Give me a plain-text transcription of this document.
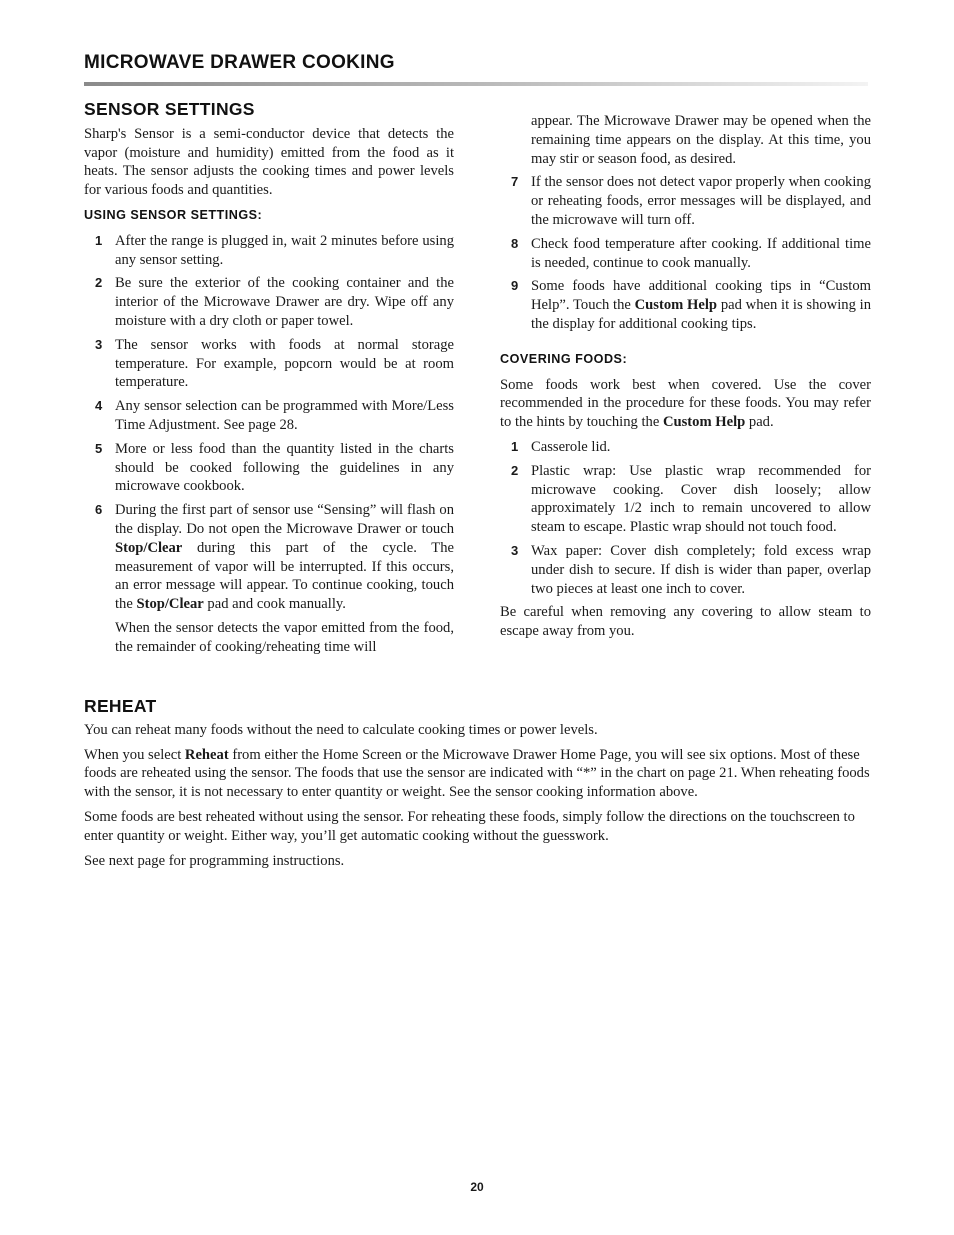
MICROWAVE DRAWER COOKING
SENSOR SETTINGS

Sharp's Sensor is a semi-conductor device that detects the vapor (moisture and humidity) emitted from the food as it heats. The sensor adjusts the cooking times and power levels for various foods and quantities.

USING SENSOR SETTINGS:
1 After the range is plugged in, wait 2 minutes before using any sensor setting.
2 Be sure the exterior of the cooking container and the interior of the Microwave Drawer are dry. Wipe off any moisture with a dry cloth or paper towel.
3 The sensor works with foods at normal storage temperature. For example, popcorn would be at room temperature.
4 Any sensor selection can be programmed with More/Less Time Adjustment. See page 28.
5 More or less food than the quantity listed in the charts should be cooked following the guidelines in any microwave cookbook.
6 During the first part of sensor use “Sensing” will flash on the display. Do not open the Microwave Drawer or touch Stop/Clear during this part of the cycle. The measurement of vapor will be interrupted. If this occurs, an error message will appear. To continue cooking, touch the Stop/Clear pad and cook manually.

When the sensor detects the vapor emitted from the food, the remainder of cooking/reheating time will

appear. The Microwave Drawer may be opened when the remaining time appears on the display. At this time, you may stir or season food, as desired.

7 If the sensor does not detect vapor properly when cooking or reheating foods, error messages will be displayed, and the microwave will turn off.
8 Check food temperature after cooking. If additional time is needed, continue to cook manually.
9 Some foods have additional cooking tips in “Custom Help”. Touch the Custom Help pad when it is showing in the display for additional cooking tips.
COVERING FOODS:

Some foods work best when covered. Use the cover recommended in the procedure for these foods. You may refer to the hints by touching the Custom Help pad.

1 Casserole lid.
2 Plastic wrap: Use plastic wrap recommended for microwave cooking. Cover dish loosely; allow approximately 1/2 inch to remain uncovered to allow steam to escape. Plastic wrap should not touch food.
3 Wax paper: Cover dish completely; fold excess wrap under dish to secure. If dish is wider than paper, overlap two pieces at least one inch to cover.

Be careful when removing any covering to allow steam to escape away from you.

REHEAT

You can reheat many foods without the need to calculate cooking times or power levels.

When you select Reheat from either the Home Screen or the Microwave Drawer Home Page, you will see six options. Most of these foods are reheated using the sensor. The foods that use the sensor are indicated with “*” in the chart on page 21. When reheating foods with the sensor, it is not necessary to enter quantity or weight. See the sensor cooking information above.

Some foods are best reheated without using the sensor. For reheating these foods, simply follow the directions on the touchscreen to enter quantity or weight. Either way, you’ll get automatic cooking without the guesswork.

See next page for programming instructions.

20
